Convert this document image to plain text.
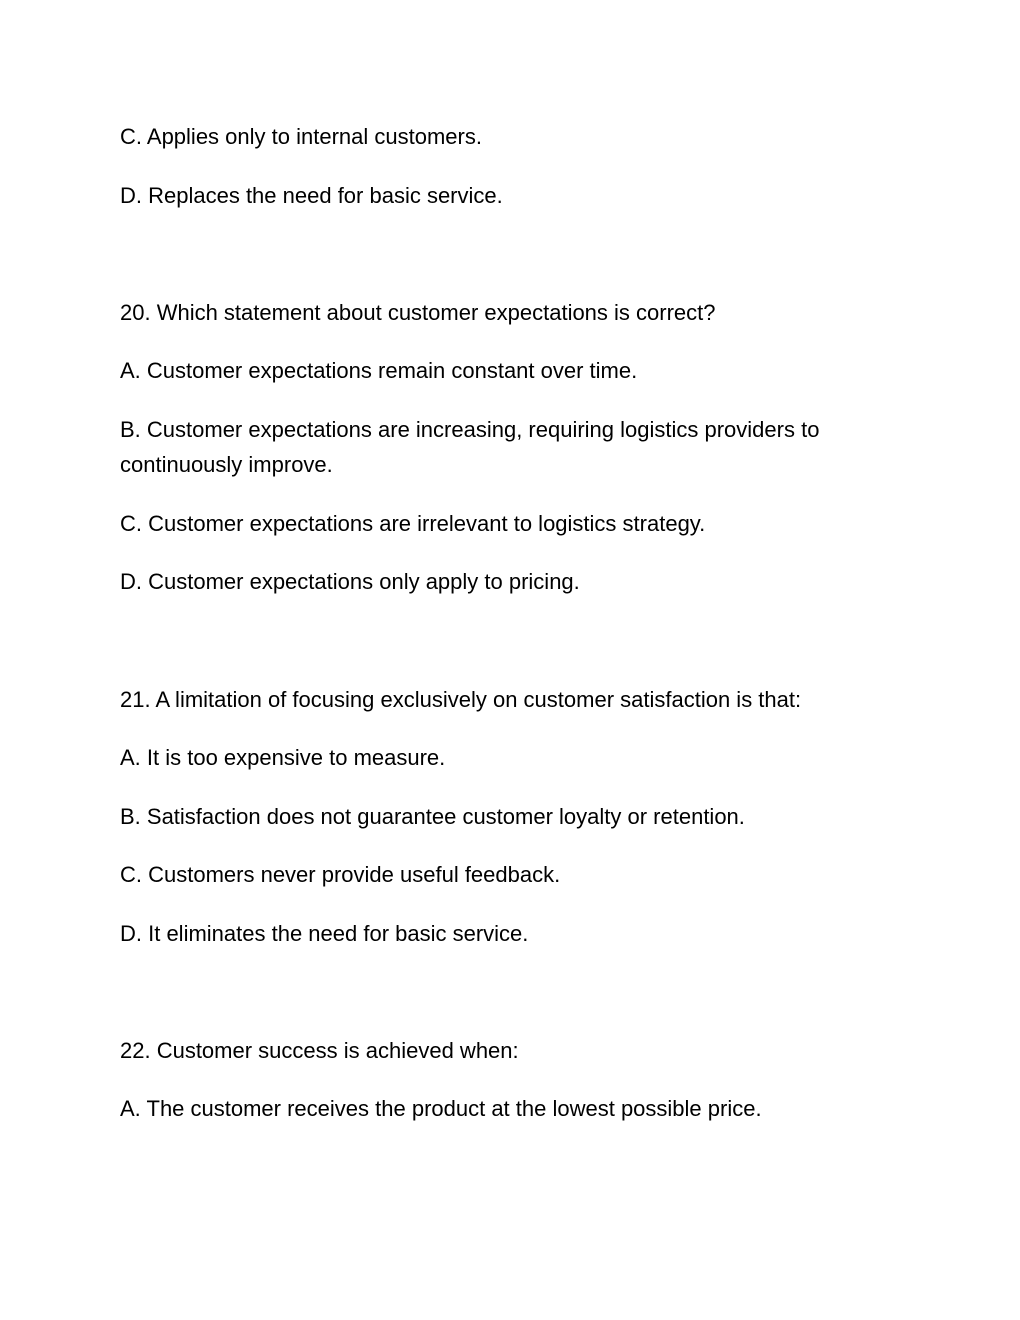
C. Applies only to internal customers.

D. Replaces the need for basic service.

20. Which statement about customer expectations is correct?

A. Customer expectations remain constant over time.

B. Customer expectations are increasing, requiring logistics providers to continuously improve.

C. Customer expectations are irrelevant to logistics strategy.

D. Customer expectations only apply to pricing.

21. A limitation of focusing exclusively on customer satisfaction is that:

A. It is too expensive to measure.

B. Satisfaction does not guarantee customer loyalty or retention.

C. Customers never provide useful feedback.

D. It eliminates the need for basic service.

22. Customer success is achieved when:

A. The customer receives the product at the lowest possible price.
